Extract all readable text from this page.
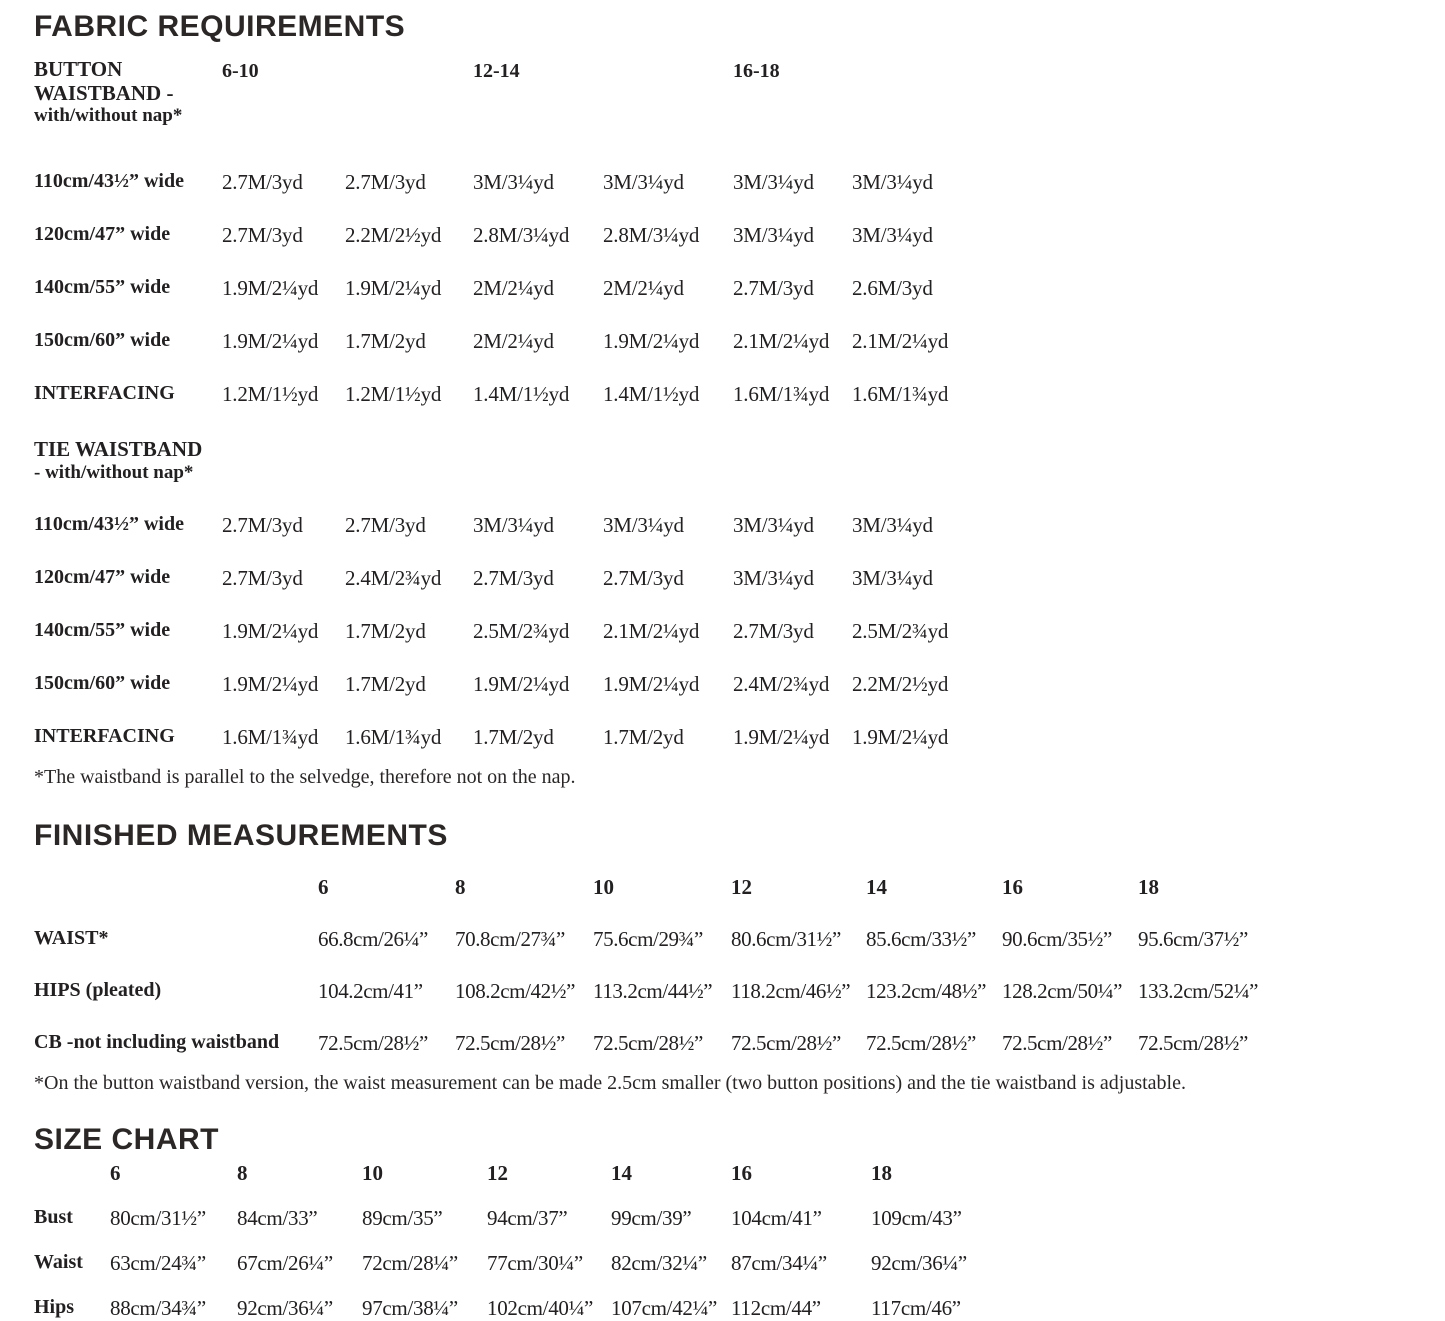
FABRIC REQUIREMENTS
BUTTON
WAISTBAND -
with/without nap*
6-10	12-14	16-18
110cm/43½” wide	2.7M/3yd	2.7M/3yd	3M/3¼yd	3M/3¼yd	3M/3¼yd	3M/3¼yd
120cm/47” wide	2.7M/3yd	2.2M/2½yd	2.8M/3¼yd	2.8M/3¼yd	3M/3¼yd	3M/3¼yd
140cm/55” wide	1.9M/2¼yd	1.9M/2¼yd	2M/2¼yd	2M/2¼yd	2.7M/3yd	2.6M/3yd
150cm/60” wide	1.9M/2¼yd	1.7M/2yd	2M/2¼yd	1.9M/2¼yd	2.1M/2¼yd	2.1M/2¼yd
INTERFACING	1.2M/1½yd	1.2M/1½yd	1.4M/1½yd	1.4M/1½yd	1.6M/1¾yd	1.6M/1¾yd
TIE WAISTBAND
- with/without nap*
110cm/43½” wide	2.7M/3yd	2.7M/3yd	3M/3¼yd	3M/3¼yd	3M/3¼yd	3M/3¼yd
120cm/47” wide	2.7M/3yd	2.4M/2¾yd	2.7M/3yd	2.7M/3yd	3M/3¼yd	3M/3¼yd
140cm/55” wide	1.9M/2¼yd	1.7M/2yd	2.5M/2¾yd	2.1M/2¼yd	2.7M/3yd	2.5M/2¾yd
150cm/60” wide	1.9M/2¼yd	1.7M/2yd	1.9M/2¼yd	1.9M/2¼yd	2.4M/2¾yd	2.2M/2½yd
INTERFACING	1.6M/1¾yd	1.6M/1¾yd	1.7M/2yd	1.7M/2yd	1.9M/2¼yd	1.9M/2¼yd

*The waistband is parallel to the selvedge, therefore not on the nap.

FINISHED MEASUREMENTS
6	8	10	12	14	16	18
WAIST*	66.8cm/26¼”	70.8cm/27¾”	75.6cm/29¾”	80.6cm/31½”	85.6cm/33½”	90.6cm/35½”	95.6cm/37½”
HIPS (pleated)	104.2cm/41”	108.2cm/42½” 113.2cm/44½” 118.2cm/46½” 123.2cm/48½” 128.2cm/50¼” 133.2cm/52¼”
CB -not including waistband	72.5cm/28½”	72.5cm/28½”	72.5cm/28½”	72.5cm/28½”	72.5cm/28½”	72.5cm/28½”	72.5cm/28½”

*On the button waistband version, the waist measurement can be made 2.5cm smaller (two button positions) and the tie waistband is adjustable.

SIZE CHART
6	8	10	12	14	16	18
Bust	80cm/31½”	84cm/33”	89cm/35”	94cm/37”	99cm/39”	104cm/41”	109cm/43”
Waist	63cm/24¾”	67cm/26¼”	72cm/28¼”	77cm/30¼”	82cm/32¼”	87cm/34¼”	92cm/36¼”
Hips	88cm/34¾”	92cm/36¼”	97cm/38¼”	102cm/40¼” 107cm/42¼” 112cm/44”	117cm/46”
